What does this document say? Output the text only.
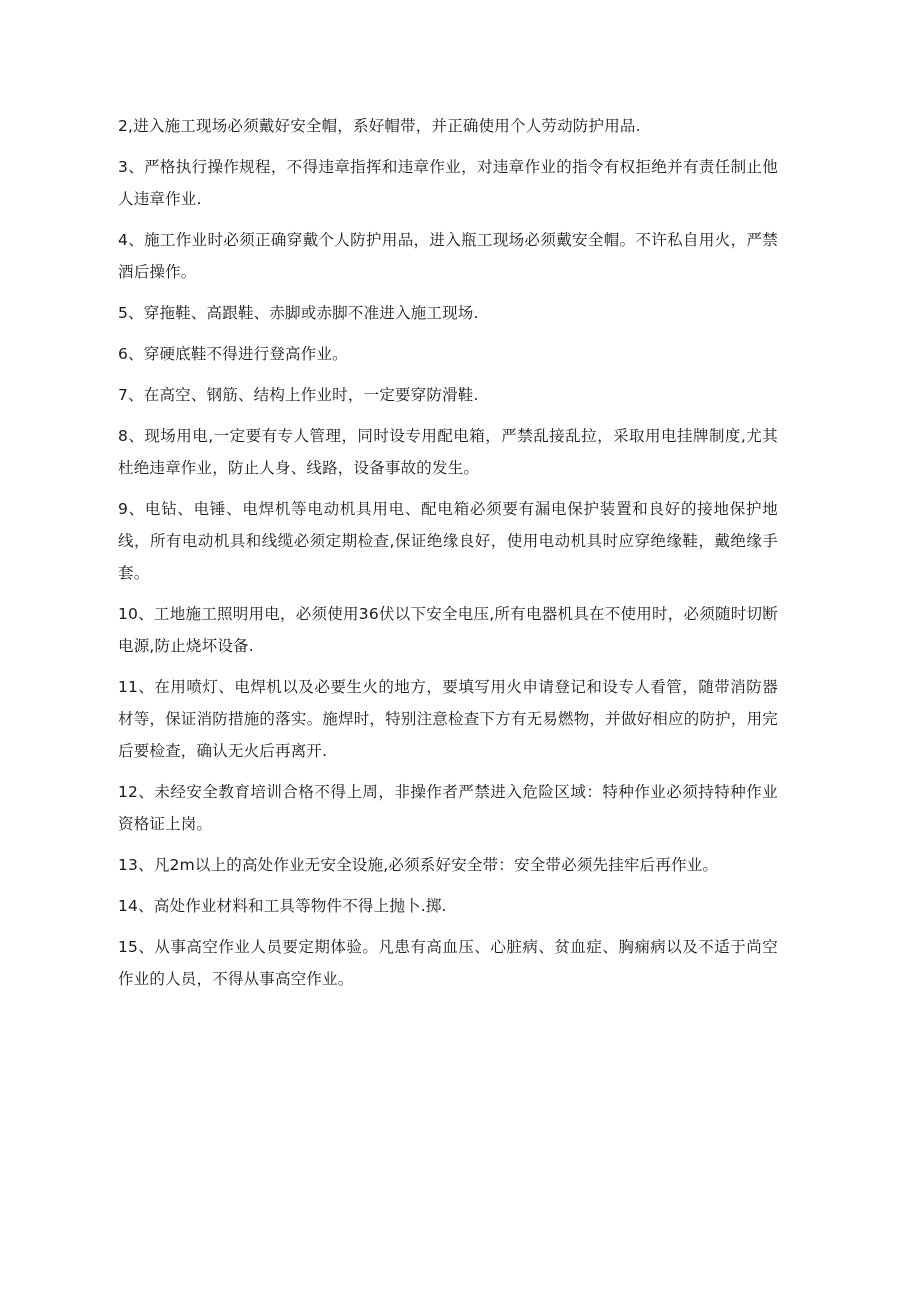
2,进入施工现场必须戴好安全帽，系好帽带，并正确使用个人劳动防护用品.

3、严格执行操作规程，不得违章指挥和违章作业，对违章作业的指令有权拒绝并有责任制止他人违章作业.

4、施工作业时必须正确穿戴个人防护用品，进入瓶工现场必须戴安全帽。不许私自用火，严禁酒后操作。

5、穿拖鞋、高跟鞋、赤脚或赤脚不准进入施工现场.

6、穿硬底鞋不得进行登高作业。

7、在高空、钢筋、结构上作业时，一定要穿防滑鞋.

8、现场用电,一定要有专人管理，同时设专用配电箱，严禁乱接乱拉，采取用电挂牌制度,尤其杜绝违章作业，防止人身、线路，设备事故的发生。

9、电钻、电锤、电焊机等电动机具用电、配电箱必须要有漏电保护装置和良好的接地保护地线，所有电动机具和线缆必须定期检查,保证绝缘良好，使用电动机具时应穿绝缘鞋，戴绝缘手套。

10、工地施工照明用电，必须使用36伏以下安全电压,所有电器机具在不使用时，必须随时切断电源,防止烧坏设备.

11、在用喷灯、电焊机以及必要生火的地方，要填写用火申请登记和设专人看管，随带消防器材等，保证消防措施的落实。施焊时，特别注意检查下方有无易燃物，并做好相应的防护，用完后要检查，确认无火后再离开.

12、未经安全教育培训合格不得上周，非操作者严禁进入危险区域：特种作业必须持特种作业资格证上岗。

13、凡2m以上的高处作业无安全设施,必须系好安全带：安全带必须先挂牢后再作业。

14、高处作业材料和工具等物件不得上抛卜.掷.

15、从事高空作业人员要定期体验。凡患有高血压、心脏病、贫血症、胸痫病以及不适于尚空作业的人员，不得从事高空作业。
